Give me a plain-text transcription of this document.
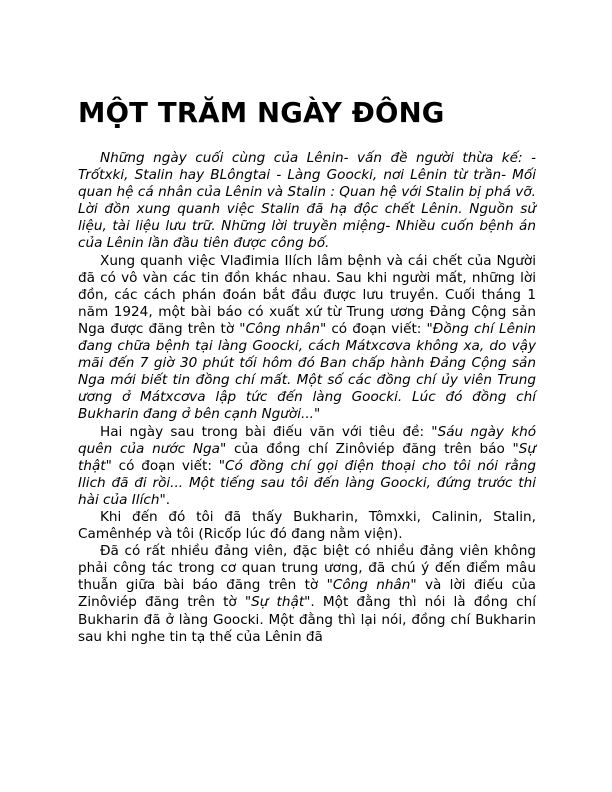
MỘT TRĂM NGÀY ĐÔNG

Những ngày cuối cùng của Lênin- vấn đề người thừa kế: - Trốtxki, Stalin hay BLôngtai - Làng Goocki, nơi Lênin từ trần- Mối quan hệ cá nhân của Lênin và Stalin : Quan hệ với Stalin bị phá vỡ. Lời đồn xung quanh việc Stalin đã hạ độc chết Lênin. Nguồn sử liệu, tài liệu lưu trữ. Những lời truyền miệng- Nhiều cuốn bệnh án của Lênin lần đầu tiên được công bố.

Xung quanh việc Vlađimia Ilích lâm bệnh và cái chết của Người đã có vô vàn các tin đồn khác nhau. Sau khi người mất, những lời đồn, các cách phán đoán bắt đầu được lưu truyền. Cuối tháng 1 năm 1924, một bài báo có xuất xứ từ Trung ương Đảng Cộng sản Nga được đăng trên tờ "Công nhân" có đoạn viết: "Đồng chí Lênin đang chữa bệnh tại làng Goocki, cách Mátxcơva không xa, do vậy mãi đến 7 giờ 30 phút tối hôm đó Ban chấp hành Đảng Cộng sản Nga mới biết tin đồng chí mất. Một số các đồng chí ủy viên Trung ương ở Mátxcơva lập tức đến làng Goocki. Lúc đó đồng chí Bukharin đang ở bên cạnh Người..."

Hai ngày sau trong bài điếu văn với tiêu đề: "Sáu ngày khó quên của nước Nga" của đồng chí Zinôviép đăng trên báo "Sự thật" có đoạn viết: "Có đồng chí gọi điện thoại cho tôi nói rằng Ilich đã đi rồi... Một tiếng sau tôi đến làng Goocki, đứng trước thi hài của Ilích".

Khi đến đó tôi đã thấy Bukharin, Tômxki, Calinin, Stalin, Camênhép và tôi (Ricốp lúc đó đang nằm viện).

Đã có rất nhiều đảng viên, đặc biệt có nhiều đảng viên không phải công tác trong cơ quan trung ương, đã chú ý đến điểm mâu thuẫn giữa bài báo đăng trên tờ "Công nhân" và lời điếu của Zinôviép đăng trên tờ "Sự thật". Một đằng thì nói là đồng chí Bukharin đã ở làng Goocki. Một đằng thì lại nói, đồng chí Bukharin sau khi nghe tin tạ thế của Lênin đã
